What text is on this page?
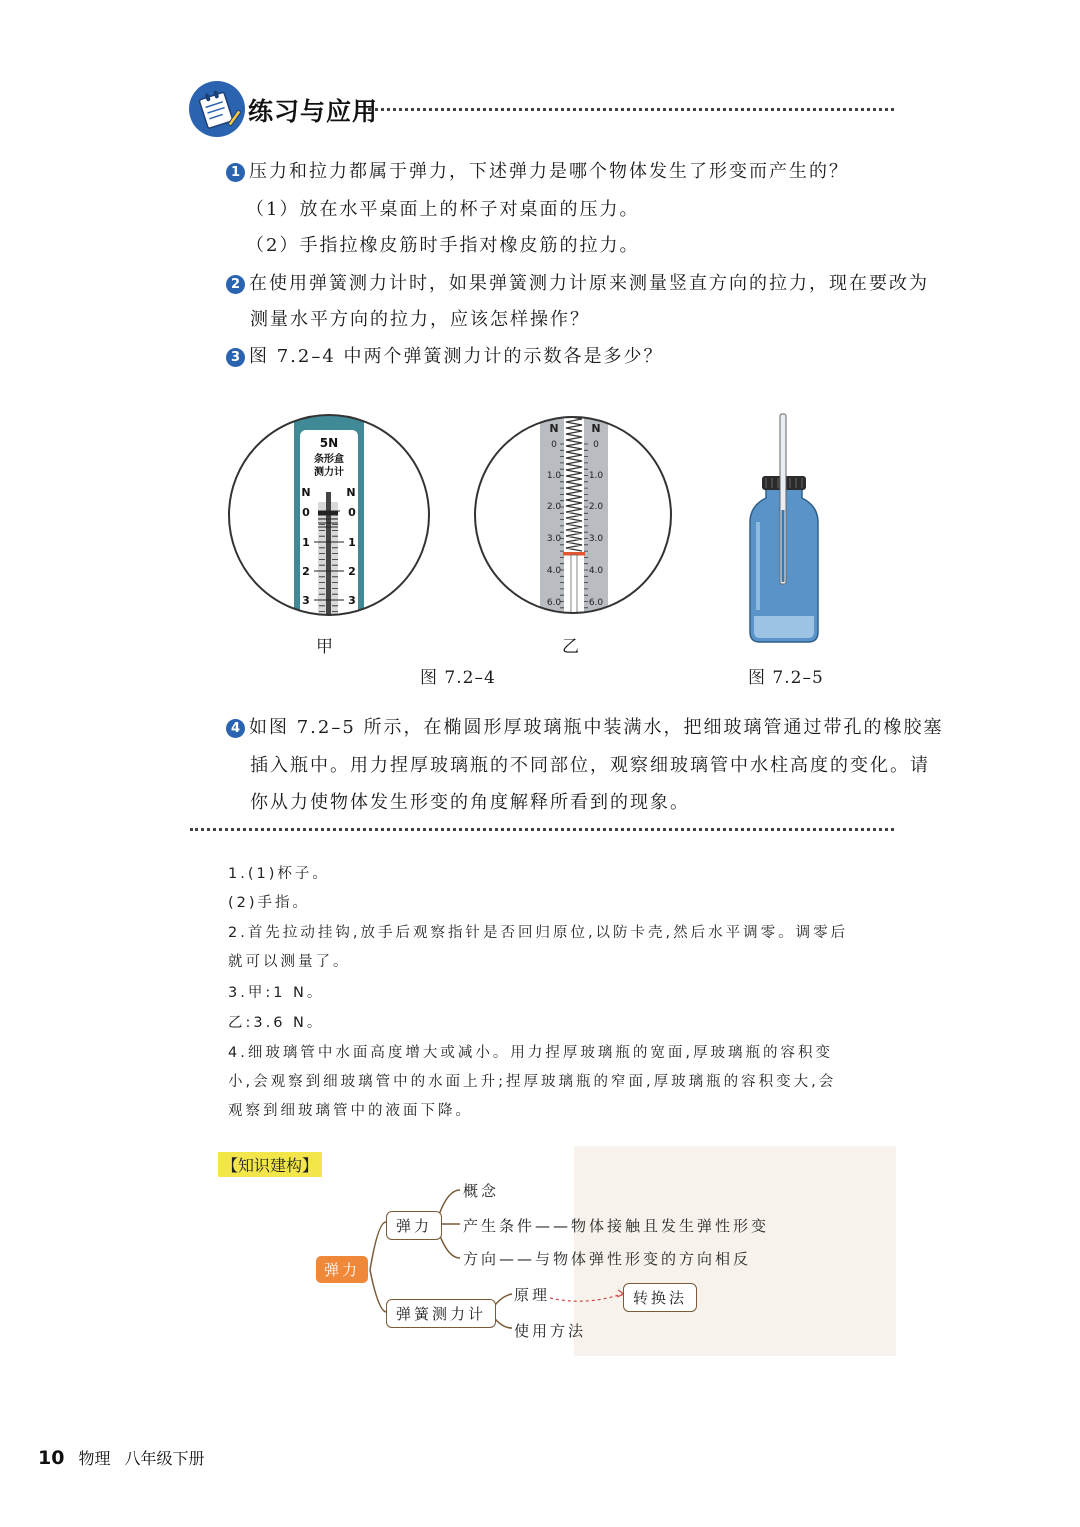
练习与应用
1 压力和拉力都属于弹力，下述弹力是哪个物体发生了形变而产生的？
（1）放在水平桌面上的杯子对桌面的压力。
（2）手指拉橡皮筋时手指对橡皮筋的拉力。
2 在使用弹簧测力计时，如果弹簧测力计原来测量竖直方向的拉力，现在要改为
测量水平方向的拉力，应该怎样操作？
3 图 7.2–4 中两个弹簧测力计的示数各是多少？
5N
条形盒
测力计
N	N
0	0
1	1
2	2
3	3
甲
N	N
0	0
1.0	1.0
2.0	2.0
3.0	3.0
4.0	4.0
6.0	6.0
乙
图 7.2–4	图 7.2–5
4 如图 7.2–5 所示，在椭圆形厚玻璃瓶中装满水，把细玻璃管通过带孔的橡胶塞
插入瓶中。用力捏厚玻璃瓶的不同部位，观察细玻璃管中水柱高度的变化。请
你从力使物体发生形变的角度解释所看到的现象。
1.(1)杯子。
(2)手指。
2.首先拉动挂钩,放手后观察指针是否回归原位,以防卡壳,然后水平调零。调零后
就可以测量了。
3.甲:1 N。
乙:3.6 N。
4.细玻璃管中水面高度增大或减小。用力捏厚玻璃瓶的宽面,厚玻璃瓶的容积变
小,会观察到细玻璃管中的水面上升;捏厚玻璃瓶的窄面,厚玻璃瓶的容积变大,会
观察到细玻璃管中的液面下降。
【知识建构】
弹力
弹力
概念
产生条件——物体接触且发生弹性形变
方向——与物体弹性形变的方向相反
弹簧测力计
原理
使用方法
转换法
10 物理 八年级下册
